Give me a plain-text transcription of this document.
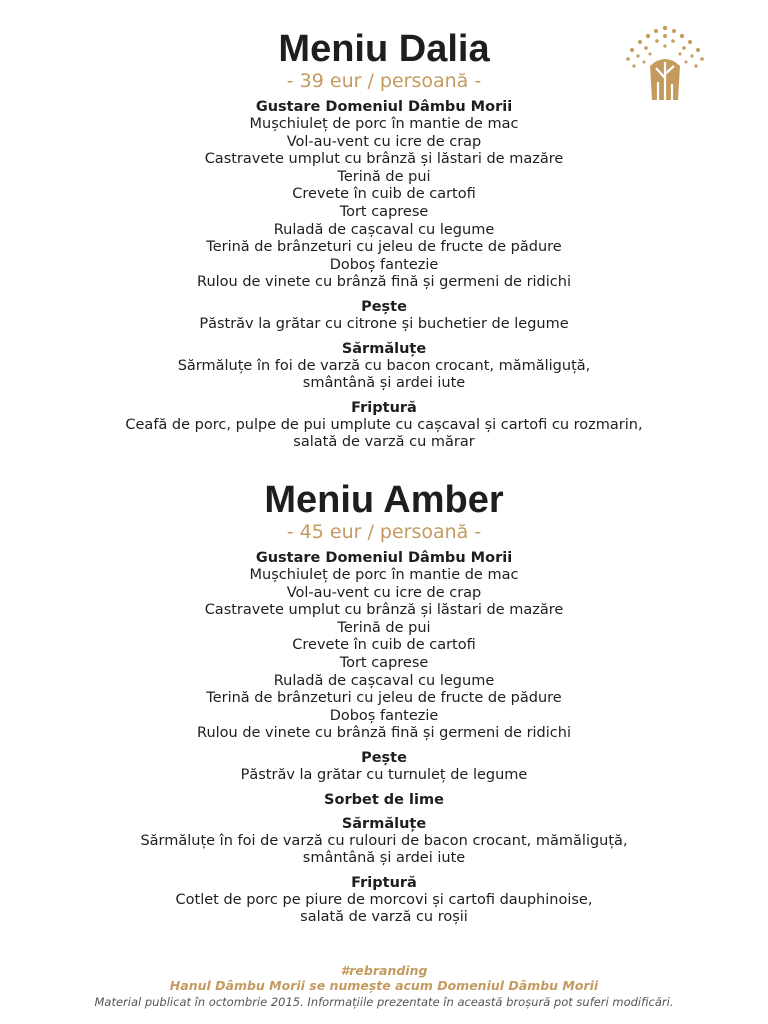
Meniu Dalia

- 39 eur / persoană -

Gustare Domeniul Dâmbu Morii

Mușchiuleț de porc în mantie de mac

Vol-au-vent cu icre de crap

Castravete umplut cu brânză și lăstari de mazăre

Terină de pui

Crevete în cuib de cartofi

Tort caprese

Ruladă de cașcaval cu legume

Terină de brânzeturi cu jeleu de fructe de pădure

Doboș fantezie

Rulou de vinete cu brânză fină și germeni de ridichi

Pește

Păstrăv la grătar cu citrone și buchetier de legume

Sărmăluțe

Sărmăluțe în foi de varză cu bacon crocant, mămăliguță,

smântână și ardei iute

Friptură

Ceafă de porc, pulpe de pui umplute cu cașcaval și cartofi cu rozmarin,

salată de varză cu mărar

Meniu Amber

- 45 eur / persoană -

Gustare Domeniul Dâmbu Morii

Mușchiuleț de porc în mantie de mac

Vol-au-vent cu icre de crap

Castravete umplut cu brânză și lăstari de mazăre

Terină de pui

Crevete în cuib de cartofi

Tort caprese

Ruladă de cașcaval cu legume

Terină de brânzeturi cu jeleu de fructe de pădure

Doboș fantezie

Rulou de vinete cu brânză fină și germeni de ridichi

Pește

Păstrăv la grătar cu turnuleț de legume

Sorbet de lime

Sărmăluțe

Sărmăluțe în foi de varză cu rulouri de bacon crocant, mămăliguță,

smântână și ardei iute

Friptură

Cotlet de porc pe piure de morcovi și cartofi dauphinoise,

salată de varză cu roșii

#rebranding

Hanul Dâmbu Morii se numește acum Domeniul Dâmbu Morii

Material publicat în octombrie 2015. Informațiile prezentate în această broșură pot suferi modificări.
